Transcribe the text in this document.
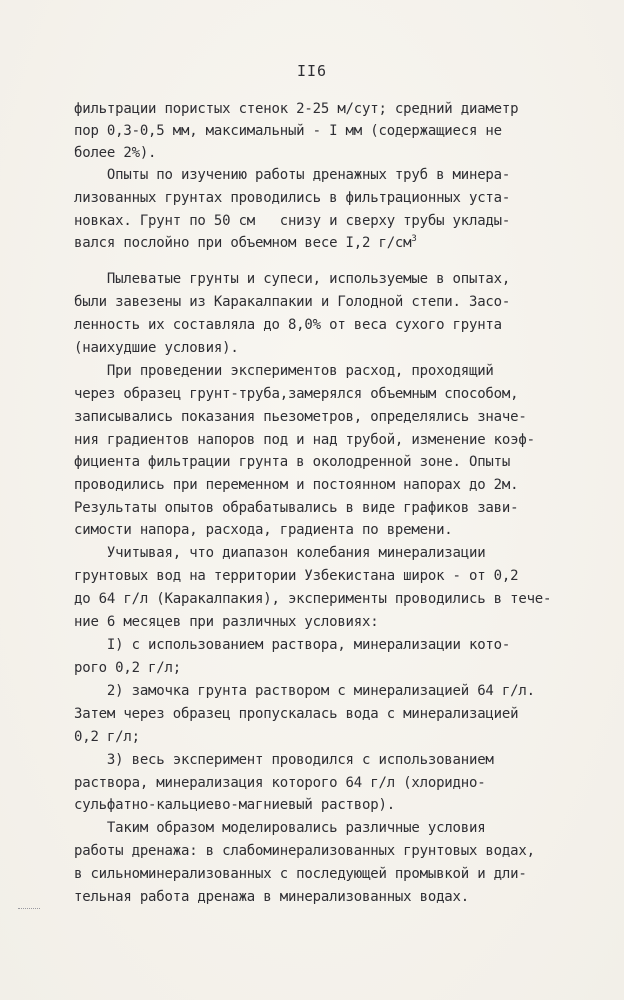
II6
фильтрации пористых стенок 2-25 м/сут; средний диаметр
пор 0,3-0,5 мм, максимальный - I мм (содержащиеся не
более 2%).
Опыты по изучению работы дренажных труб в минера-
лизованных грунтах проводились в фильтрационных уста-
новках. Грунт по 50 см   снизу и сверху трубы уклады-
вался послойно при объемном весе I,2 $г/см^3$
Пылеватые грунты и супеси, используемые в опытах,
были завезены из Каракалпакии и Голодной степи. Засо-
ленность их составляла до 8,0% от веса сухого грунта
(наихудшие условия).
При проведении экспериментов расход, проходящий
через образец грунт-труба,замерялся объемным способом,
записывались показания пьезометров, определялись значе-
ния градиентов напоров под и над трубой, изменение коэф-
фициента фильтрации грунта в околодренной зоне. Опыты
проводились при переменном и постоянном напорах до 2м.
Результаты опытов обрабатывались в виде графиков зави-
симости напора, расхода, градиента по времени.
Учитывая, что диапазон колебания минерализации
грунтовых вод на территории Узбекистана широк - от 0,2
до 64 г/л (Каракалпакия), эксперименты проводились в тече-
ние 6 месяцев при различных условиях:
I) с использованием раствора, минерализации кото-
рого 0,2 г/л;
2) замочка грунта раствором с минерализацией 64 г/л.
Затем через образец пропускалась вода с минерализацией
0,2 г/л;
3) весь эксперимент проводился с использованием
раствора, минерализация которого 64 г/л (хлоридно-
сульфатно-кальциево-магниевый раствор).
Таким образом моделировались различные условия
работы дренажа: в слабоминерализованных грунтовых водах,
в сильноминерализованных с последующей промывкой и дли-
тельная работа дренажа в минерализованных водах.
